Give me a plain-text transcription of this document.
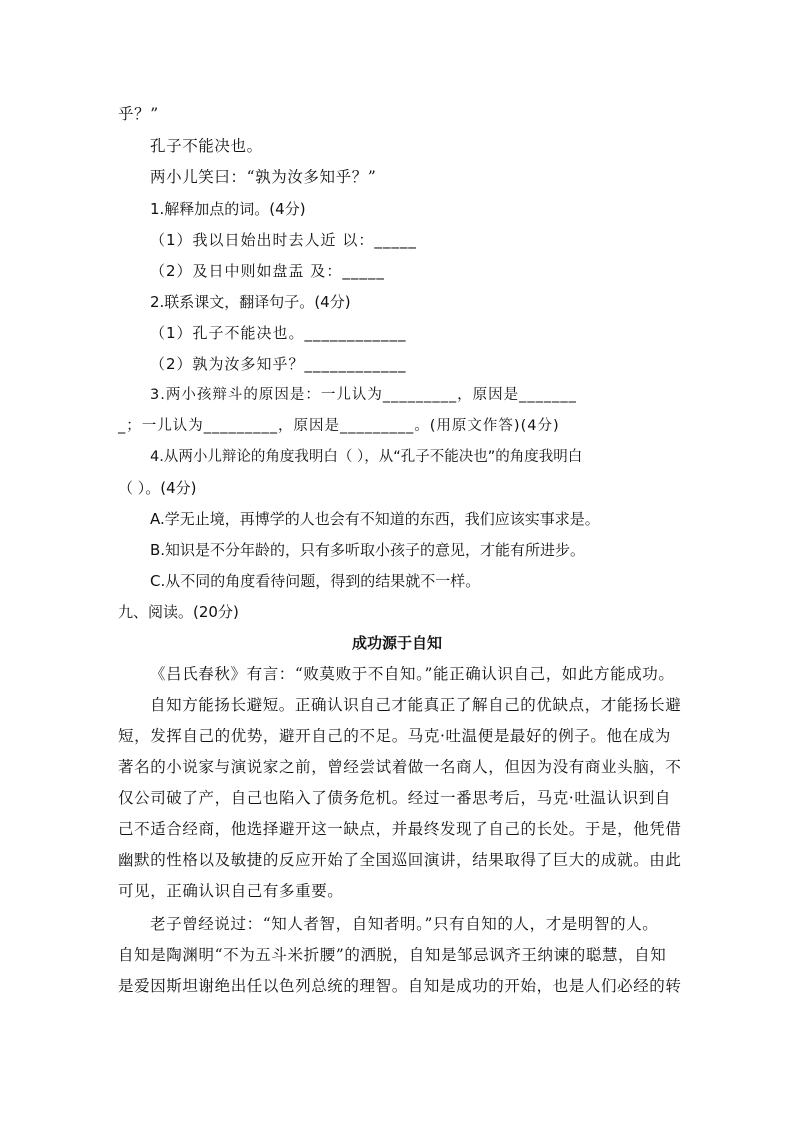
乎？”
孔子不能决也。
两小儿笑曰：“孰为汝多知乎？”
1.解释加点的词。(4分)
（1）我以日始出时去人近 以：_____
（2）及日中则如盘盂 及：_____
2.联系课文，翻译句子。(4分)
（1）孔子不能决也。____________
（2）孰为汝多知乎？____________
3.两小孩辩斗的原因是：一儿认为_________，原因是_______
_；一儿认为_________，原因是_________。(用原文作答)(4分)
4.从两小儿辩论的角度我明白（ ），从“孔子不能决也”的角度我明白
（ ）。(4分)
A.学无止境，再博学的人也会有不知道的东西，我们应该实事求是。
B.知识是不分年龄的，只有多听取小孩子的意见，才能有所进步。
C.从不同的角度看待问题，得到的结果就不一样。
九、阅读。(20分)
成功源于自知
《吕氏春秋》有言：“败莫败于不自知。”能正确认识自己，如此方能成功。
自知方能扬长避短。正确认识自己才能真正了解自己的优缺点，才能扬长避
短，发挥自己的优势，避开自己的不足。马克·吐温便是最好的例子。他在成为
著名的小说家与演说家之前，曾经尝试着做一名商人，但因为没有商业头脑，不
仅公司破了产，自己也陷入了债务危机。经过一番思考后，马克·吐温认识到自
己不适合经商，他选择避开这一缺点，并最终发现了自己的长处。于是，他凭借
幽默的性格以及敏捷的反应开始了全国巡回演讲，结果取得了巨大的成就。由此
可见，正确认识自己有多重要。
老子曾经说过：“知人者智，自知者明。”只有自知的人，才是明智的人。
自知是陶渊明“不为五斗米折腰”的洒脱，自知是邹忌讽齐王纳谏的聪慧，自知
是爱因斯坦谢绝出任以色列总统的理智。自知是成功的开始，也是人们必经的转
